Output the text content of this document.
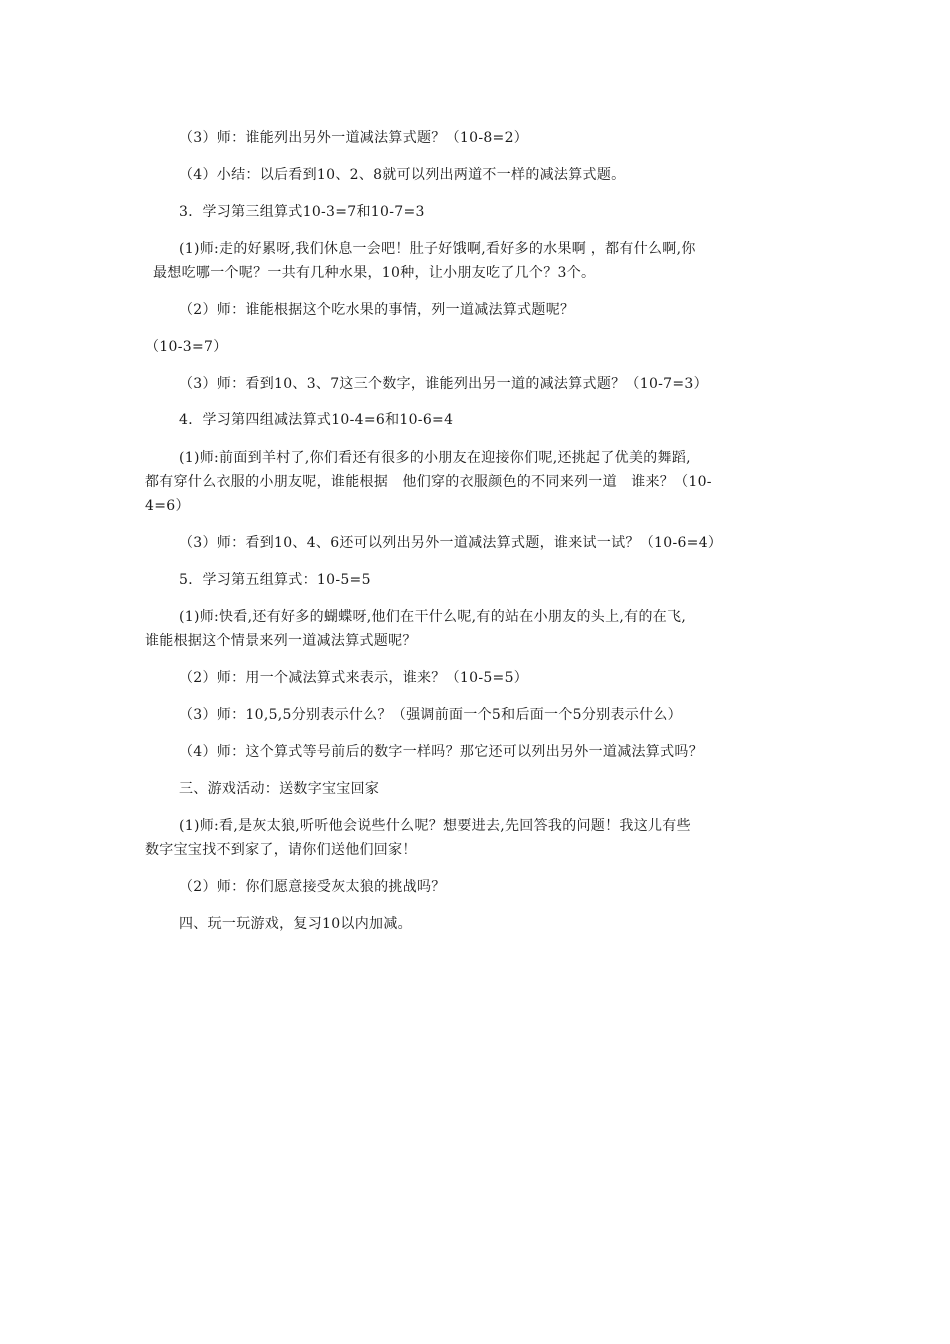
（3）师：谁能列出另外一道减法算式题？（10-8=2）
（4）小结：以后看到10、2、8就可以列出两道不一样的减法算式题。
3．学习第三组算式10-3=7和10-7=3
(1)师:走的好累呀,我们休息一会吧！肚子好饿啊,看好多的水果啊 ，都有什么啊,你
最想吃哪一个呢？一共有几种水果，10种，让小朋友吃了几个？3个。
（2）师：谁能根据这个吃水果的事情，列一道减法算式题呢？
（10-3=7）
（3）师：看到10、3、7这三个数字，谁能列出另一道的减法算式题？（10-7=3）
4．学习第四组减法算式10-4=6和10-6=4
(1)师:前面到羊村了,你们看还有很多的小朋友在迎接你们呢,还挑起了优美的舞蹈,
都有穿什么衣服的小朋友呢，谁能根据　他们穿的衣服颜色的不同来列一道　谁来？（10-
4=6）
（3）师：看到10、4、6还可以列出另外一道减法算式题，谁来试一试？（10-6=4）
5．学习第五组算式：10-5=5
(1)师:快看,还有好多的蝴蝶呀,他们在干什么呢,有的站在小朋友的头上,有的在飞,
谁能根据这个情景来列一道减法算式题呢？
（2）师：用一个减法算式来表示，谁来？（10-5=5）
（3）师：10,5,5分别表示什么？（强调前面一个5和后面一个5分别表示什么）
（4）师：这个算式等号前后的数字一样吗？那它还可以列出另外一道减法算式吗？
三、游戏活动：送数字宝宝回家
(1)师:看,是灰太狼,听听他会说些什么呢？想要进去,先回答我的问题！我这儿有些
数字宝宝找不到家了，请你们送他们回家！
（2）师：你们愿意接受灰太狼的挑战吗？
四、玩一玩游戏，复习10以内加减。
